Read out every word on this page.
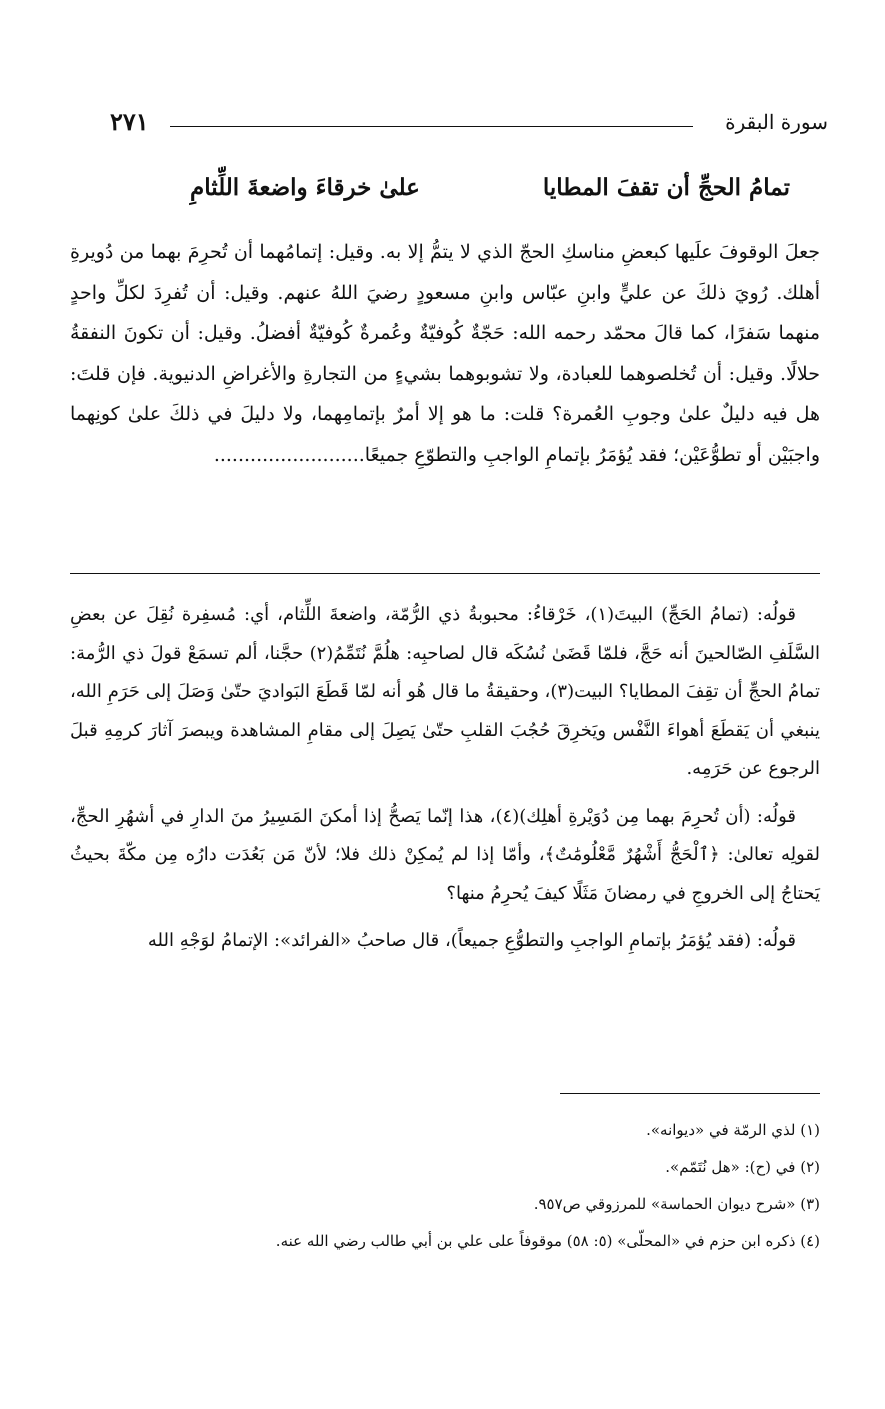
٢٧١	سورة البقرة
تمامُ الحجِّ أن تقفَ المطايا
علىٰ خرقاءَ واضعةَ اللِّثامِ

جعلَ الوقوفَ علَيها كبعضِ مناسكِ الحجّ الذي لا يتمُّ إلا به. وقيل: إتمامُهما أن تُحرِمَ بهما من دُويرةِ أهلك. رُويَ ذلكَ عن عليٍّ وابنِ عبّاس وابنِ مسعودٍ رضيَ اللهُ عنهم. وقيل: أن تُفرِدَ لكلِّ واحدٍ منهما سَفرًا، كما قالَ محمّد رحمه الله: حَجّةٌ كُوفيّةٌ وعُمرةٌ كُوفيّةٌ أفضلُ. وقيل: أن تكونَ النفقةُ حلالًا. وقيل: أن تُخلصوهما للعبادة، ولا تشوبوهما بشيءٍ من التجارةِ والأغراضِ الدنيوية. فإن قلتَ: هل فيه دليلٌ علىٰ وجوبِ العُمرة؟ قلت: ما هو إلا أمرٌ بإتمامِهما، ولا دليلَ في ذلكَ علىٰ كونِهما واجبَيْن أو تطوُّعَيْن؛ فقد يُؤمَرُ بإتمامِ الواجبِ والتطوّعِ جميعًا.........................

قولُه: (تمامُ الحَجِّ) البيتَ(١)، خَرْقاءُ: محبوبةُ ذي الرُّمّة، واضعةَ اللِّثام، أي: مُسفِرة نُقِلَ عن بعضِ السَّلَفِ الصّالحينَ أنه حَجَّ، فلمّا قَضَىٰ نُسُكَه قال لصاحبِه: هلُمَّ نُتَمِّمُ(٢) حجَّنا، ألم تسمَعْ قولَ ذي الرُّمة: تمامُ الحجِّ أن تقِفَ المطايا؟ البيت(٣)، وحقيقةُ ما قال هُو أنه لمّا قَطَعَ البَواديَ حتّىٰ وَصَلَ إلى حَرَمِ الله، ينبغي أن يَقطَعَ أهواءَ النَّفْس ويَخرِقَ حُجُبَ القلبِ حتّىٰ يَصِلَ إلى مقامِ المشاهدة ويبصرَ آثارَ كرمِهِ قبلَ الرجوع عن حَرَمِه.

قولُه: (أن تُحرِمَ بهما مِن دُوَيْرةِ أهلِك)(٤)، هذا إنّما يَصحُّ إذا أمكنَ المَسِيرُ منَ الدارِ في أشهُرِ الحجِّ، لقولِه تعالىٰ: ﴿ٱلْحَجُّ أَشْهُرٌ مَّعْلُومَٰتٌ﴾، وأمّا إذا لم يُمكِنْ ذلك فلا؛ لأنّ مَن بَعُدَت دارُه مِن مكّةَ بحيثُ يَحتاجُ إلى الخروجِ في رمضانَ مَثَلًا كيفَ يُحرِمُ منها؟

قولُه: (فقد يُؤمَرُ بإتمامِ الواجبِ والتطوُّعِ جميعاً)، قال صاحبُ «الفرائد»: الإتمامُ لوَجْهِ الله

(١) لذي الرمّة في «ديوانه».
(٢) في (ح): «هل نُتَمّم».
(٣) «شرح ديوان الحماسة» للمرزوقي ص٩٥٧.
(٤) ذكره ابن حزم في «المحلّى» (٥: ٥٨) موقوفاً على علي بن أبي طالب رضي الله عنه.
